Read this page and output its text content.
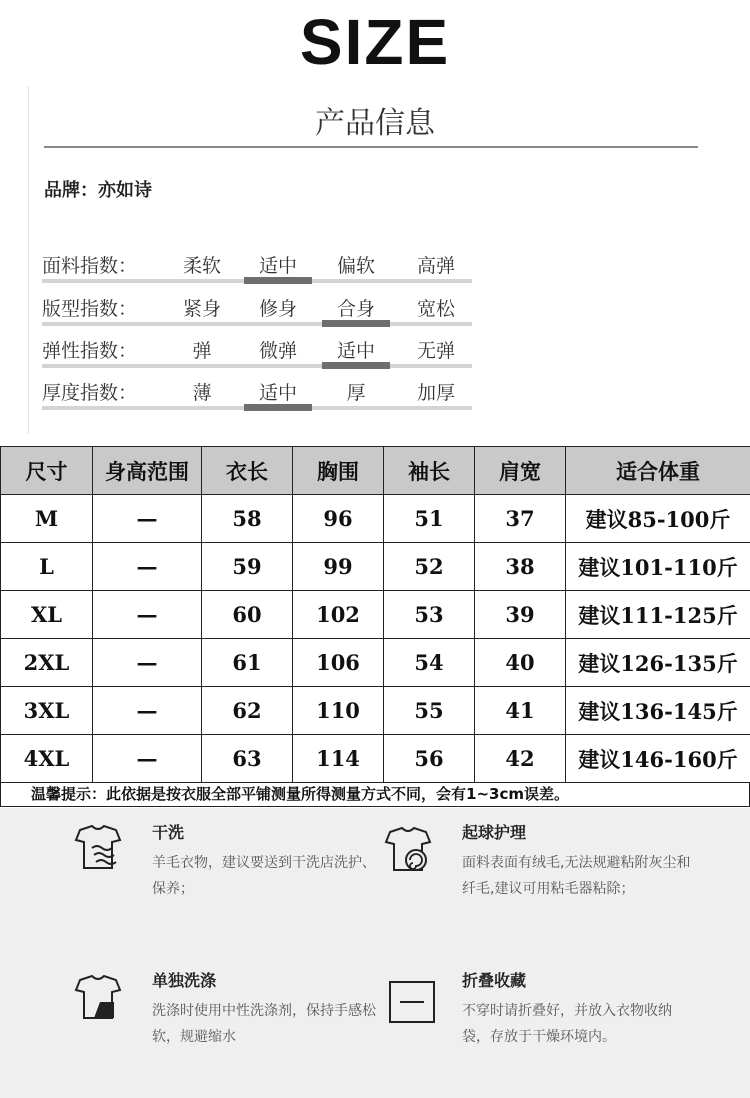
SIZE
产品信息
品牌：亦如诗
面料指数：	柔软	适中	偏软	高弹
版型指数：	紧身	修身	合身	宽松
弹性指数：	弹	微弹	适中	无弹
厚度指数：	薄	适中	厚	加厚
尺寸	身高范围	衣长	胸围	袖长	肩宽	适合体重
M	—	58	96	51	37	建议85-100斤
L	—	59	99	52	38	建议101-110斤
XL	—	60	102	53	39	建议111-125斤
2XL	—	61	106	54	40	建议126-135斤
3XL	—	62	110	55	41	建议136-145斤
4XL	—	63	114	56	42	建议146-160斤
温馨提示：此依据是按衣服全部平铺测量所得测量方式不同，会有1~3cm误差。
干洗
羊毛衣物，建议要送到干洗店洗护、保养；
起球护理
面料表面有绒毛,无法规避粘附灰尘和纤毛,建议可用粘毛器粘除；
单独洗涤
洗涤时使用中性洗涤剂，保持手感松软，规避缩水
折叠收藏
不穿时请折叠好，并放入衣物收纳袋，存放于干燥环境内。
